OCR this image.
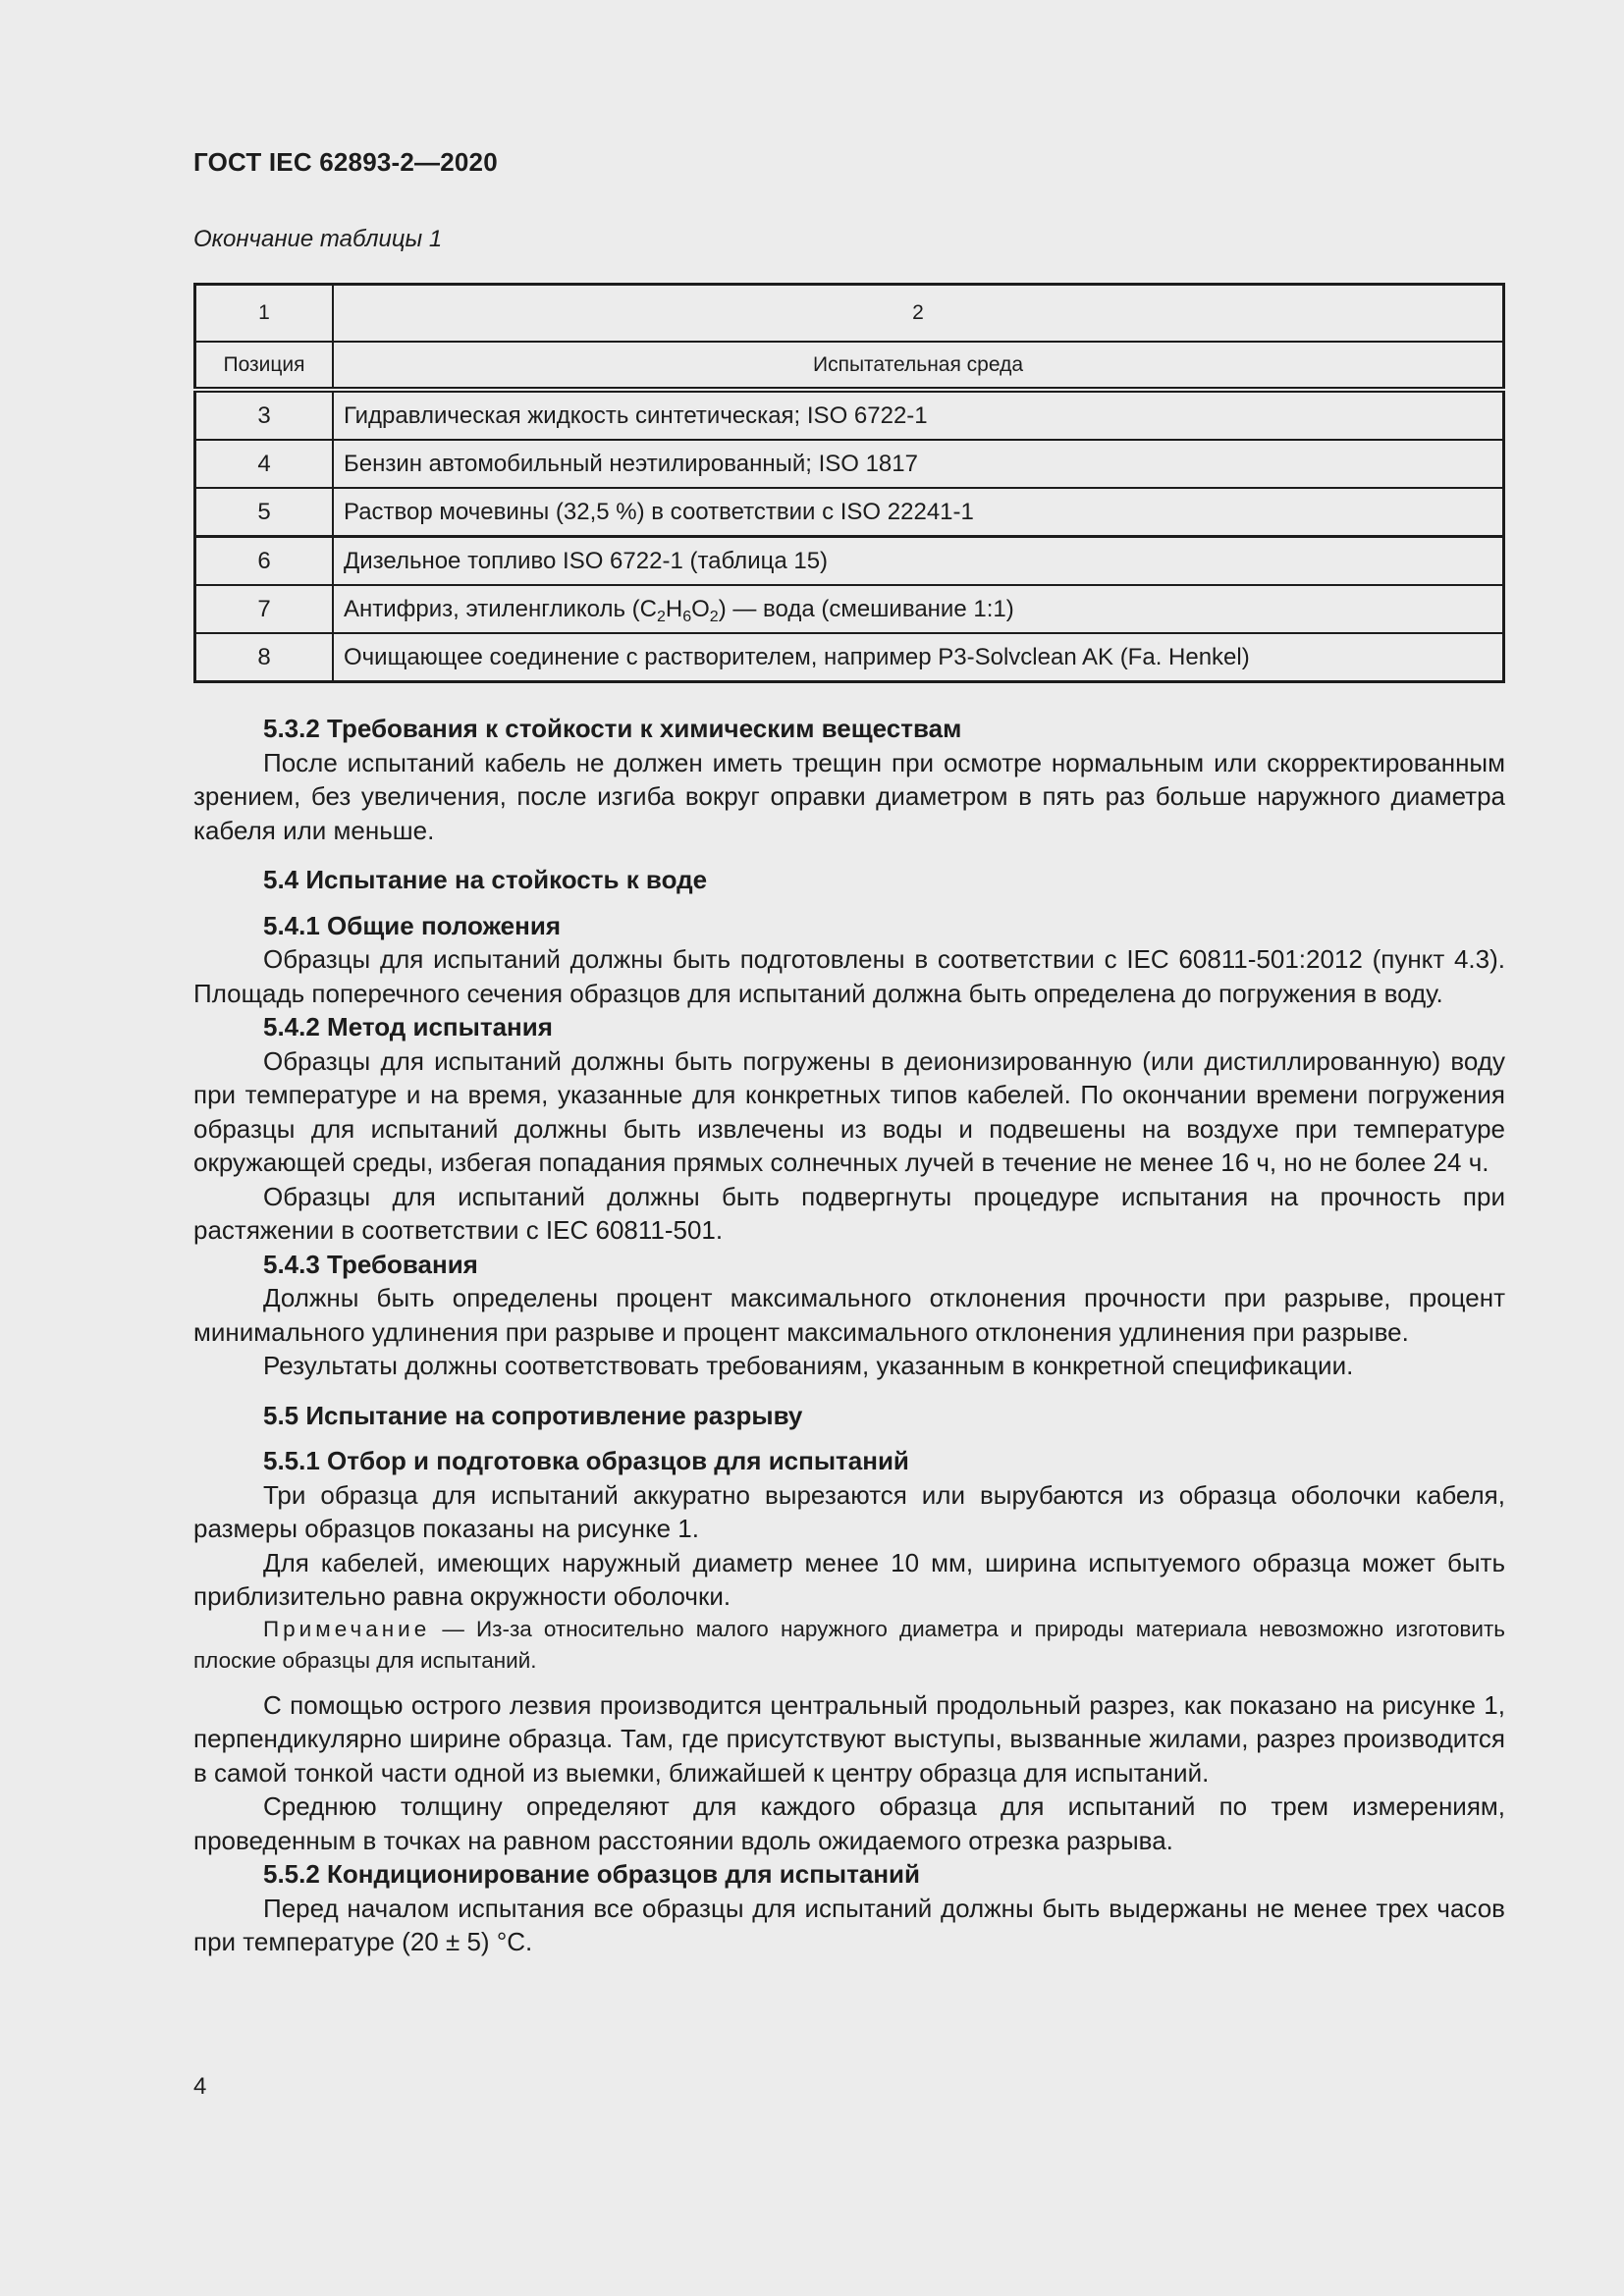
ГОСТ IEC 62893-2—2020
Окончание таблицы 1
1	2
Позиция	Испытательная среда
3	Гидравлическая жидкость синтетическая; ISO 6722-1
4	Бензин автомобильный неэтилированный; ISO 1817
5	Раствор мочевины (32,5 %) в соответствии с ISO 22241-1
6	Дизельное топливо ISO 6722-1 (таблица 15)
7	Антифриз, этиленгликоль $(C_2H_6O_2)$ — вода (смешивание 1:1)
8	Очищающее соединение с растворителем, например P3-Solvclean AK (Fa. Henkel)
5.3.2 Требования к стойкости к химическим веществам

После испытаний кабель не должен иметь трещин при осмотре нормальным или скорректированным зрением, без увеличения, после изгиба вокруг оправки диаметром в пять раз больше наружного диаметра кабеля или меньше.

5.4 Испытание на стойкость к воде
5.4.1 Общие положения

Образцы для испытаний должны быть подготовлены в соответствии с IEC 60811-501:2012 (пункт 4.3). Площадь поперечного сечения образцов для испытаний должна быть определена до погружения в воду.

5.4.2 Метод испытания

Образцы для испытаний должны быть погружены в деионизированную (или дистиллированную) воду при температуре и на время, указанные для конкретных типов кабелей. По окончании времени погружения образцы для испытаний должны быть извлечены из воды и подвешены на воздухе при температуре окружающей среды, избегая попадания прямых солнечных лучей в течение не менее 16 ч, но не более 24 ч.

Образцы для испытаний должны быть подвергнуты процедуре испытания на прочность при растяжении в соответствии с IEC 60811-501.

5.4.3 Требования

Должны быть определены процент максимального отклонения прочности при разрыве, процент минимального удлинения при разрыве и процент максимального отклонения удлинения при разрыве.

Результаты должны соответствовать требованиям, указанным в конкретной спецификации.

5.5 Испытание на сопротивление разрыву
5.5.1 Отбор и подготовка образцов для испытаний

Три образца для испытаний аккуратно вырезаются или вырубаются из образца оболочки кабеля, размеры образцов показаны на рисунке 1.

Для кабелей, имеющих наружный диаметр менее 10 мм, ширина испытуемого образца может быть приблизительно равна окружности оболочки.

Примечание — Из-за относительно малого наружного диаметра и природы материала невозможно изготовить плоские образцы для испытаний.

С помощью острого лезвия производится центральный продольный разрез, как показано на рисунке 1, перпендикулярно ширине образца. Там, где присутствуют выступы, вызванные жилами, разрез производится в самой тонкой части одной из выемки, ближайшей к центру образца для испытаний.

Среднюю толщину определяют для каждого образца для испытаний по трем измерениям, проведенным в точках на равном расстоянии вдоль ожидаемого отрезка разрыва.

5.5.2 Кондиционирование образцов для испытаний

Перед началом испытания все образцы для испытаний должны быть выдержаны не менее трех часов при температуре (20 ± 5) °C.

4
